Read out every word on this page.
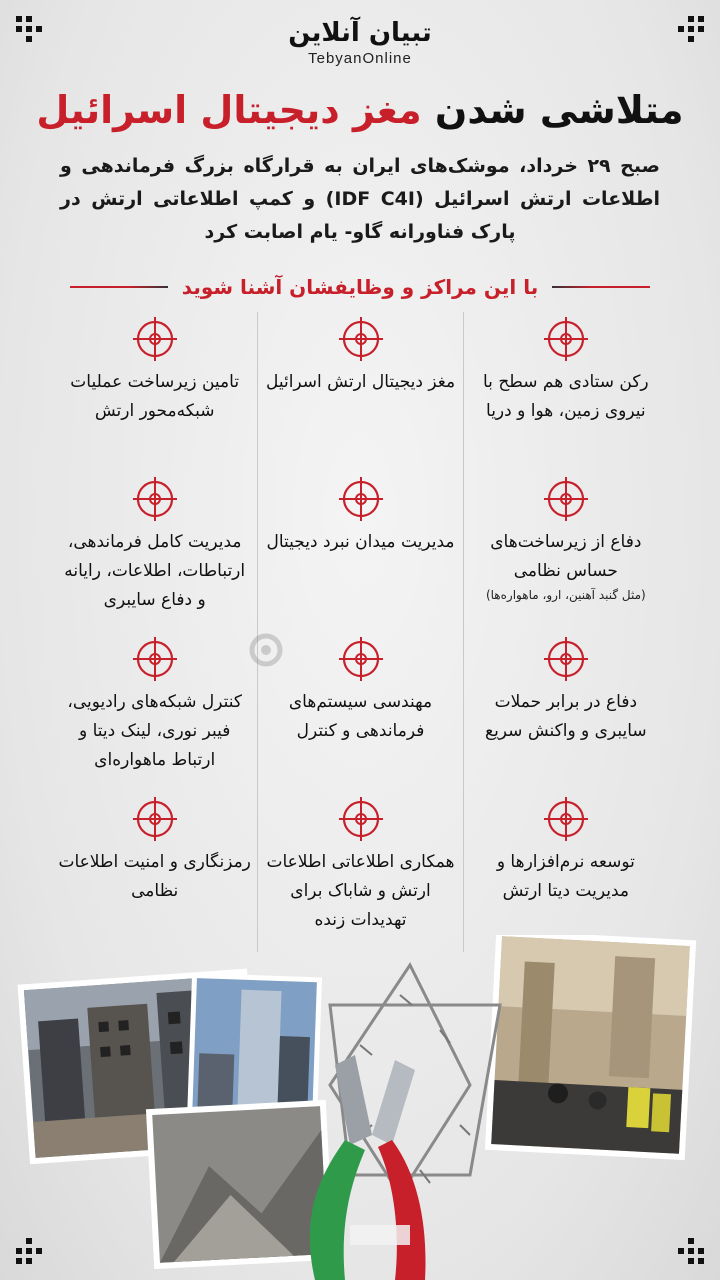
تبیان آنلاین
TebyanOnline
متلاشی شدن مغز دیجیتال اسرائیل
صبح ۲۹ خرداد، موشک‌های ایران به قرارگاه بزرگ فرماندهی و اطلاعات ارتش اسرائیل (IDF C4I) و کمپ اطلاعاتی ارتش در پارک فناورانه گاو- یام اصابت کرد
با این مراکز و وظایفشان آشنا شوید
رکن ستادی هم سطح با نیروی زمین، هوا و دریا
مغز دیجیتال ارتش اسرائیل
تامین زیرساخت عملیات شبکه‌محور ارتش
دفاع از زیرساخت‌های حساس نظامی
(مثل گنبد آهنین، ارو، ماهواره‌ها)
مدیریت میدان نبرد دیجیتال
مدیریت کامل فرماندهی، ارتباطات، اطلاعات، رایانه و دفاع سایبری
دفاع در برابر حملات سایبری و واکنش سریع
مهندسی سیستم‌های فرماندهی و کنترل
کنترل شبکه‌های رادیویی، فیبر نوری، لینک دیتا و ارتباط ماهواره‌ای
توسعه نرم‌افزارها و مدیریت دیتا ارتش
همکاری اطلاعاتی اطلاعات ارتش و شاباک برای تهدیدات زنده
رمزنگاری و امنیت اطلاعات نظامی
